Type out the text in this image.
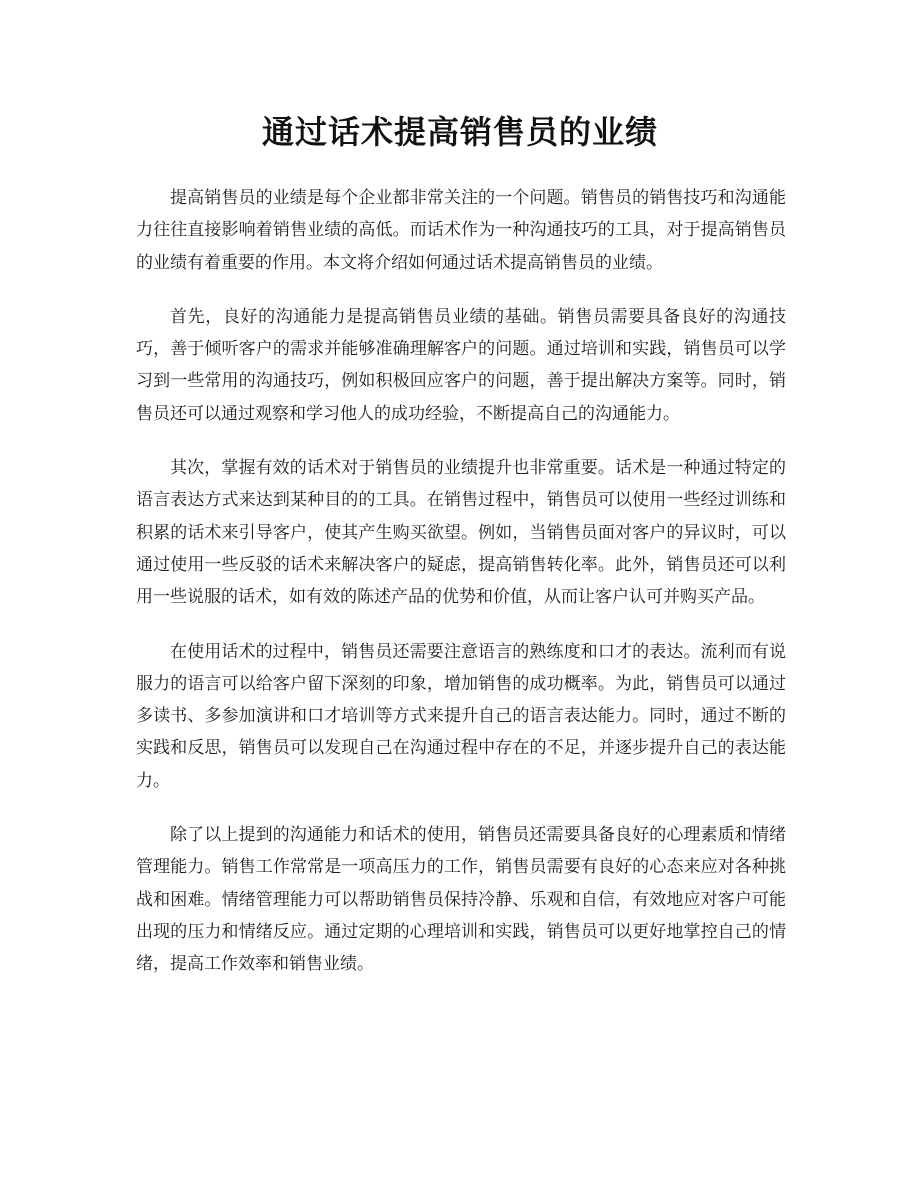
通过话术提高销售员的业绩

提高销售员的业绩是每个企业都非常关注的一个问题。销售员的销售技巧和沟通能力往往直接影响着销售业绩的高低。而话术作为一种沟通技巧的工具，对于提高销售员的业绩有着重要的作用。本文将介绍如何通过话术提高销售员的业绩。

首先，良好的沟通能力是提高销售员业绩的基础。销售员需要具备良好的沟通技巧，善于倾听客户的需求并能够准确理解客户的问题。通过培训和实践，销售员可以学习到一些常用的沟通技巧，例如积极回应客户的问题，善于提出解决方案等。同时，销售员还可以通过观察和学习他人的成功经验，不断提高自己的沟通能力。

其次，掌握有效的话术对于销售员的业绩提升也非常重要。话术是一种通过特定的语言表达方式来达到某种目的的工具。在销售过程中，销售员可以使用一些经过训练和积累的话术来引导客户，使其产生购买欲望。例如，当销售员面对客户的异议时，可以通过使用一些反驳的话术来解决客户的疑虑，提高销售转化率。此外，销售员还可以利用一些说服的话术，如有效的陈述产品的优势和价值，从而让客户认可并购买产品。

在使用话术的过程中，销售员还需要注意语言的熟练度和口才的表达。流利而有说服力的语言可以给客户留下深刻的印象，增加销售的成功概率。为此，销售员可以通过多读书、多参加演讲和口才培训等方式来提升自己的语言表达能力。同时，通过不断的实践和反思，销售员可以发现自己在沟通过程中存在的不足，并逐步提升自己的表达能力。

除了以上提到的沟通能力和话术的使用，销售员还需要具备良好的心理素质和情绪管理能力。销售工作常常是一项高压力的工作，销售员需要有良好的心态来应对各种挑战和困难。情绪管理能力可以帮助销售员保持冷静、乐观和自信，有效地应对客户可能出现的压力和情绪反应。通过定期的心理培训和实践，销售员可以更好地掌控自己的情绪，提高工作效率和销售业绩。
